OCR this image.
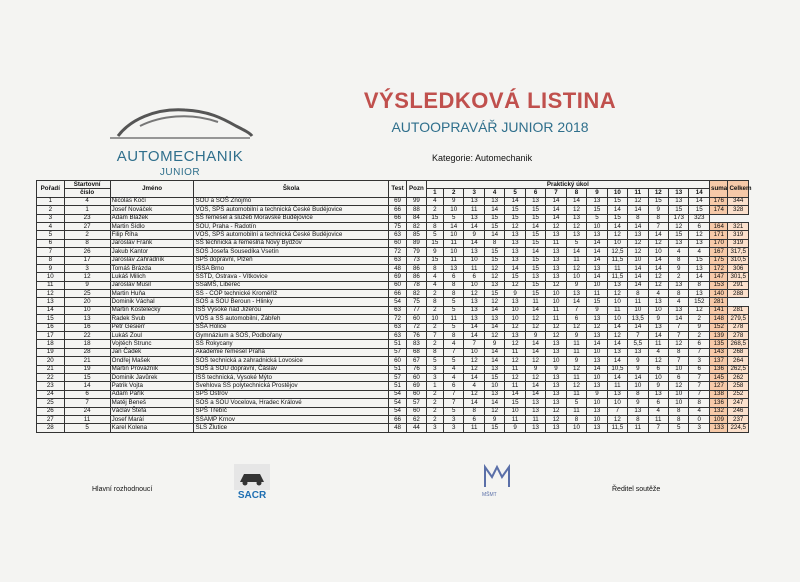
AUTOMECHANIK
JUNIOR
VÝSLEDKOVÁ LISTINA
AUTOOPRAVÁŘ JUNIOR 2018
Kategorie: Automechanik
Pořadí	Startovní	Jméno	Škola	Test	Pozn	Praktický úkol														suma	Celkem
	číslo					1	2	3	4	5	6	7	8	9	10	11	12	13	14		
1	4	Nicolas Kočí	SOU a SOŠ Znojmo	69	99	4	9	13	13	14	13	14	14	13	15	12	15	13	14	176	344
2	1	Josef Nováček	VOŠ, SPŠ automobilní a technická České Budějovice	66	88	2	10	11	14	15	15	14	12	15	14	14	9	15	15	174	328
3	23	Adam Blažek	SŠ řemesel a služeb Moravské Budějovice	66	84	15	5	13	15	15	15	14	13	5	15	8	8	173	323		
4	27	Martin Šídlo	SOU, Praha - Radotín	75	82	8	14	14	15	12	14	12	12	10	14	14	7	12	6	164	321
5	2	Filip Říha	VOŠ, SPŠ automobilní a technická České Budějovice	63	85	5	10	9	14	13	15	13	13	13	12	13	14	15	12	171	319
6	8	Jaroslav Frank	SŠ technická a řemeslná Nový Bydžov	60	89	15	11	14	8	13	15	11	5	14	10	12	12	13	13	170	319
7	26	Jakub Kantor	SOŠ Josefa Sousedíka Vsetín	72	79	9	10	13	15	13	14	13	14	14	12,5	12	10	4	4	167	317,5
8	17	Jaroslav Zahradník	SPŠ dopravní, Plzeň	63	73	15	11	10	15	13	15	13	11	14	11,5	10	14	8	15	175	310,5
9	3	Tomáš Brázda	IŠSA Brno	48	86	8	13	11	12	14	15	13	12	13	11	14	14	9	13	172	306
10	12	Lukáš Milich	SŠTD, Ostrava - Vítkovice	69	86	4	6	6	12	15	13	13	10	14	11,5	14	12	2	14	147	301,5
11	9	Jaroslav Musil	SSaMŠ, Liberec	60	78	4	8	10	13	12	15	12	9	10	13	14	12	13	8	153	291
12	25	Martin Huňa	SŠ - COP technické Kroměříž	66	82	2	8	12	15	9	15	10	13	11	12	8	4	8	13	140	288
13	20	Dominik Váchal	SOŠ a SOU Beroun - Hlinky	54	75	8	5	13	12	13	11	10	14	15	10	11	13	4	152	281	
14	10	Martin Kostelecký	ISŠ Vysoké nad Jizerou	63	77	2	5	13	14	10	14	11	7	9	11	10	10	13	12	141	281
15	13	Radek Švub	VOŠ a SŠ automobilní, Zábřeh	72	60	10	11	13	13	10	12	11	6	13	10	13,5	9	14	2	148	279,5
16	16	Petr Gesierr	SŠA Holice	63	72	2	5	14	14	12	12	12	12	12	14	14	13	7	9	152	278
17	22	Lukáš Zoul	Gymnázium a SOŠ, Podbořany	63	76	7	8	14	12	13	9	12	9	13	12	7	14	7	2	139	278
18	18	Vojtěch Štrunc	SŠ Rokycany	51	83	2	4	7	9	12	14	13	11	14	14	5,5	11	12	6	135	268,5
19	28	Jan Čadek	Akademie řemesel Praha	57	68	8	7	10	14	11	14	13	11	10	13	13	4	8	7	143	268
20	21	Ondřej Mašek	SOŠ technická a zahradnická Lovosice	60	67	5	5	12	14	12	12	10	9	13	14	9	12	7	3	137	264
21	19	Martin Provazník	SOŠ a SOU dopravní, Čáslav	51	76	3	4	12	13	11	9	9	12	14	10,5	9	6	10	6	136	262,5
22	15	Dominik Javůrek	ISŠ technická, Vysoké Mýto	57	60	3	4	14	15	12	12	13	11	10	14	14	10	6	7	145	262
23	14	Patrik Vojta	Švehlova SŠ polytechnická Prostějov	51	69	1	6	4	10	11	14	13	12	13	11	10	9	12	7	127	258
24	6	Adam Pařík	SPŠ Ostrov	54	60	2	7	12	13	14	14	13	11	9	13	8	13	10	7	138	252
25	7	Matěj Beneš	SOŠ a SOU Vocelova, Hradec Králové	54	57	2	7	14	14	15	13	13	5	10	10	9	6	10	8	136	247
26	24	Václav Štefa	SPŠ Třebíč	54	60	2	5	8	12	10	13	12	11	13	7	13	4	8	4	132	246
27	11	Josef Maráí	SŠAMP Krnov	66	62	2	3	6	9	11	11	12	8	10	12	8	11	8	0	109	237
28	5	Karel Kolena	SLŠ Žlutice	48	44	3	3	11	15	9	13	13	10	13	11,5	11	7	5	3	133	224,5
Hlavní rozhodnoucí
SACR	MŠMT
Ředitel soutěže
